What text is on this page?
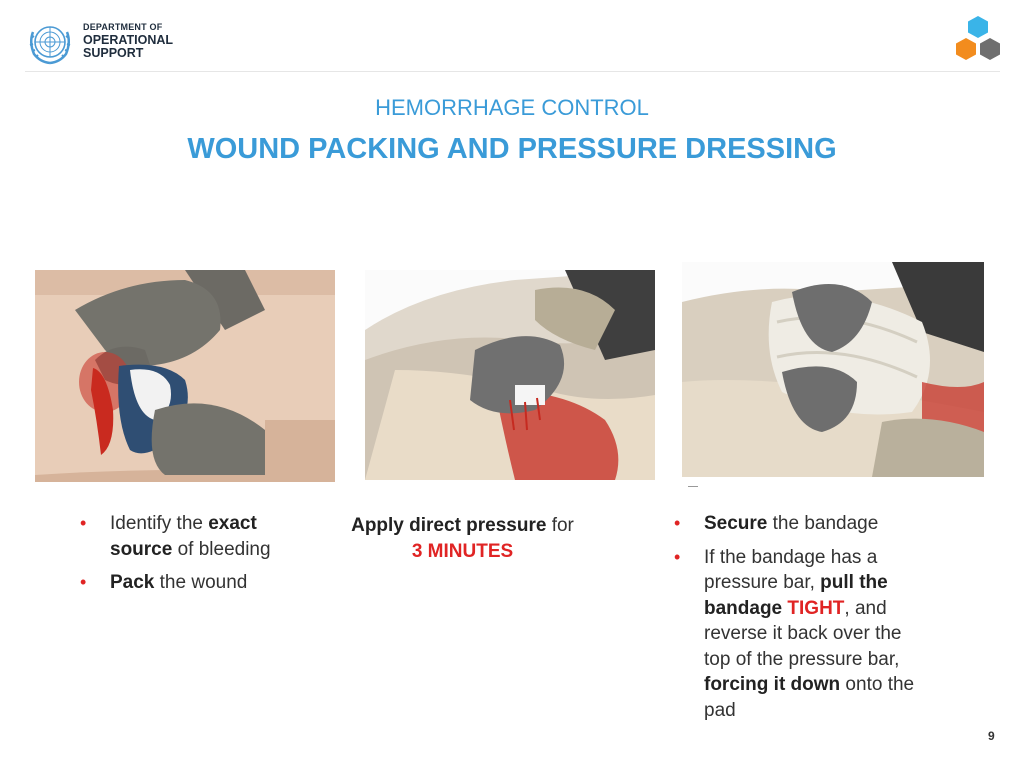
DEPARTMENT OF
OPERATIONAL
SUPPORT
HEMORRHAGE CONTROL
WOUND PACKING AND PRESSURE DRESSING
• Identify the exact source of bleeding
• Pack the wound
Apply direct pressure for
3 MINUTES
• Secure the bandage
• If the bandage has a pressure bar, pull the bandage TIGHT, and reverse it back over the top of the pressure bar, forcing it down onto the pad
9
